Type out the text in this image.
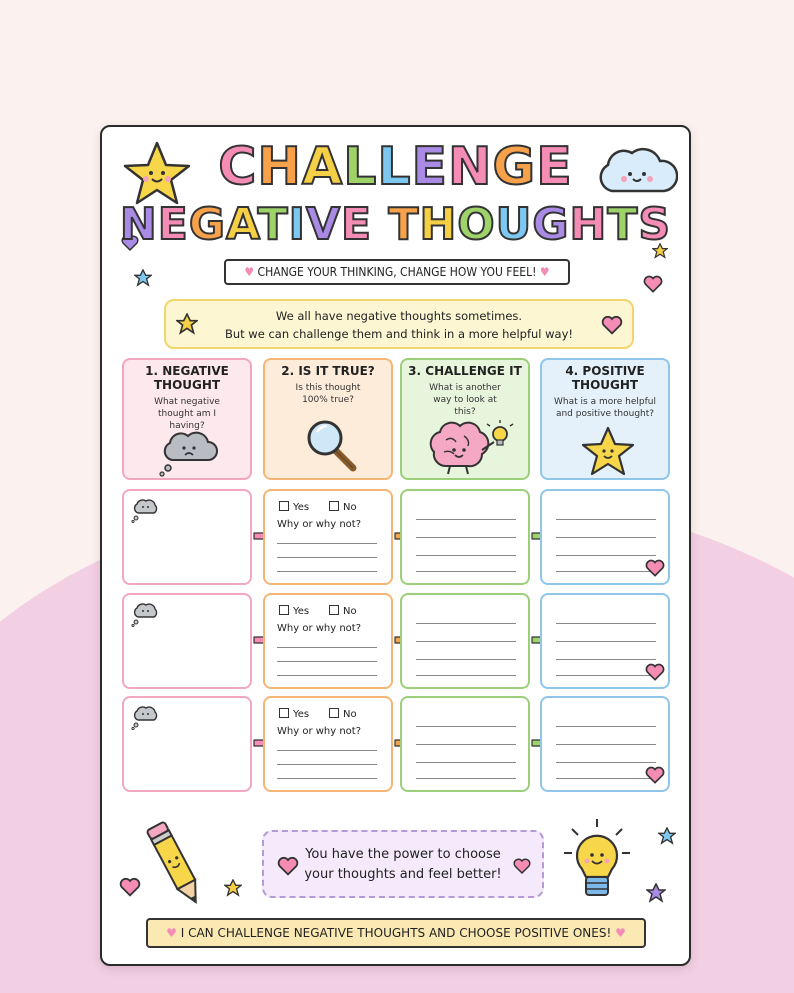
CHALLENGE
NEGATIVE THOUGHTS
♥ CHANGE YOUR THINKING, CHANGE HOW YOU FEEL! ♥
We all have negative thoughts sometimes.
But we can challenge them and think in a more helpful way!
1. NEGATIVE THOUGHT
What negative thought am I having?
2. IS IT TRUE?
Is this thought 100% true?
3. CHALLENGE IT
What is another way to look at this?
4. POSITIVE THOUGHT
What is a more helpful and positive thought?
Yes	No
Why or why not?
Yes	No
Why or why not?
Yes	No
Why or why not?
You have the power to choose
your thoughts and feel better!
♥ I CAN CHALLENGE NEGATIVE THOUGHTS AND CHOOSE POSITIVE ONES! ♥
